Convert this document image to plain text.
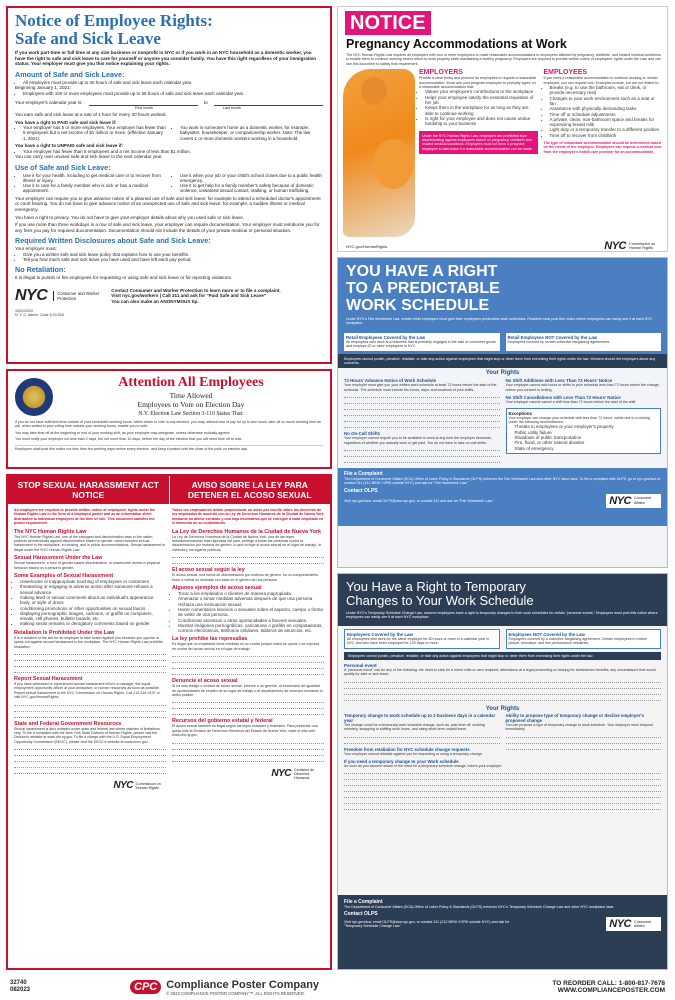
Notice of Employee Rights:
Safe and Sick Leave

If you work part-time or full time at any size business or nonprofit in NYC or if you work in an NYC household as a domestic worker, you have the right to safe and sick leave to care for yourself or anyone you consider family. You have this right regardless of your immigration status. Your employer must give you this notice explaining your rights.

Amount of Safe and Sick Leave:
• All employers must provide up to 40 hours of safe and sick leave each calendar year.

Beginning January 1, 2021:

• Employers with 100 or more employees must provide up to 56 hours of safe and sick leave each calendar year.
Your employer's calendar year is:	to
First month	Last month

You earn safe and sick leave at a rate of 1 hour for every 30 hours worked.

You have a right to PAID safe and sick leave if:

• Your employer has 5 or more employees. Your employer has fewer than 5 employees but a net income of $1 million or more. (effective January 1, 2021)
• You work in someone's home as a domestic worker, for example, babysitter, housekeeper, or companionship worker. Note: The law covers 1 or more domestic workers working in a household.

You have a right to UNPAID safe and sick leave if:

• Your employer has fewer than 5 employees and a net income of less than $1 million.

You can carry over unused safe and sick leave to the next calendar year.

Use of Safe and Sick Leave:
• Use it for your health, including to get medical care or to recover from illness or injury.
• Use it to care for a family member who is sick or has a medical appointment.
• Use it when your job or your child's school closes due to a public health emergency.
• Use it to get help for a family member's safety because of domestic violence, unwanted sexual contact, stalking, or human trafficking.

Your employer can require you to give advance notice of a planned use of safe and sick leave: for example to attend a scheduled doctor's appointment or court hearing. You do not have to give advance notice of an unexpected use of safe and sick leave: for example, a sudden illness or medical emergency.

You have a right to privacy. You do not have to give your employer details about why you used safe or sick leave.

If you use more than three workdays in a row of safe and sick leave, your employer can require documentation. Your employer must reimburse you for any fees you pay for required documentation. Documentation should not include the details of your private medical or personal situation.

Required Written Disclosures about Safe and Sick Leave:

Your employer must:

• Give you a written safe and sick leave policy that explains how to use your benefits.
• Tell you how much safe and sick leave you have used and have left each pay period.
No Retaliation:

It is illegal to punish or fire employees for requesting or using safe and sick leave or for reporting violations.

NYC	Consumer and Worker Protection

Contact Consumer and Worker Protection to learn more or to file a complaint.

Visit nyc.gov/workers | Call 311 and ask for "Paid Safe and Sick Leave"

You can also make an ANONYMOUS tip.

10/21/2020

N. Y. C. Admin. Code § 20-918

NOTICE
Pregnancy Accommodations at Work

The NYC Human Rights Law requires all employers with four or more employees to make reasonable accommodations to employees affected by pregnancy, childbirth, and related medical conditions to enable them to continue working and/or return to work properly while maintaining a healthy pregnancy. Employers are required to provide written notice of employees' rights under the Law, and can use this document to satisfy that requirement.

EMPLOYERS

Provide a clear policy and protocol for employees to request a reasonable accommodation. Work with your pregnant employee to promptly agree on a reasonable accommodation that:

• Values your employee's contributions to the workplace
• Helps your employee satisfy the essential requisites of her job
• Keeps them in the workplace for as long as they are able to continue working
• Is right for your employee and does not cause undue hardship to your business

Under the NYC Human Rights Law, employers are prohibited from discriminating against employees based on pregnancy, childbirth and related medical conditions. Employers must not force a pregnant employee to take leave if a reasonable accommodation can be made.

EMPLOYEES

If you need a reasonable accommodation to continue working or remain employed, you can request one. Examples include, but are not limited to:

• Breaks (e.g. to use the bathroom, eat or drink, or provide necessary rest)
• Changes to your work environment such as a seat or fan
• Assistance with physically demanding tasks
• Time off or schedule adjustments
• A private, clean, non-bathroom space and breaks for expressing breast milk
• Light duty or a temporary transfer to a different position
• Time off to recover from childbirth

The type of reasonable accommodation should be determined based on the needs of the employee. Employers can request a medical note from the employee's health care provider for an accommodation.

NYC.gov/HumanRights	NYC Commission on Human Rights
YOU HAVE A RIGHT
TO A PREDICTABLE
WORK SCHEDULE

Under NYC's Fair Workweek Law, certain retail employers must give their employees predictable work schedules. Retailers must post this notice where employees can easily see it at each NYC workplace.

Retail Employees Covered by the Law

All employees who work at a business that is primarily engaged in the sale of consumer goods and employs 20 or more employees in NYC.

Retail Employees NOT Covered by the Law

Employees covered by certain collective bargaining agreements.

Employers cannot punish, penalize, retaliate, or take any action against employees that might stop or deter them from exercising their rights under the law. Workers should tell employers about any concerns.

Your Rights
72 Hours' Advance Notice of Work Schedule

Your employer must give you your written work schedule at least 72 hours before the start of the schedule. The schedule must include the hours, days, and locations of your shifts.

No On-Call Shifts

Your employer cannot require you to be available to work at any time the employer demands, regardless of whether you actually work or get paid. You do not have to take on-call shifts.

No Shift Additions with Less Than 72 Hours' Notice

Your employer cannot add hours or shifts to your schedule less than 72 hours before the change, unless you consent in writing.

No Shift Cancellations with Less Than 72 Hours' Notice

Your employer cannot cancel a shift less than 72 hours before the start of the shift.

Exceptions

Your employer can change your schedule with less than 72 hours' notice due to a closing under the following circumstances:

• Threats to employees or your employer's property
• Public utility failure
• Shutdown of public transportation
• Fire, flood, or other natural disaster
• State of emergency
File a Complaint

The Department of Consumer Affairs (DCA) Office of Labor Policy & Standards (OLPS) enforces the Fair Workweek Law and other NYC labor laws. To file a complaint with OLPS, go to nyc.gov/dca or contact 311 (212-NEW-YORK outside NYC) and ask for "Fair Workweek Law."

Contact OLPS

Visit nyc.gov/dca, email OLPS@dca.nyc.gov, or contact 311 and ask for "Fair Workweek Law."	NYC Consumer Affairs
Attention All Employees
Time Allowed
Employees to Vote on Election Day
N.Y. Election Law Section 3-110 States That:

If you do not have sufficient time outside of your scheduled working hours, within which to vote in any election, you may, without loss of pay for up to two hours, take off so much working time as will, when added to your voting time outside your working hours, enable you to vote.

You may take time off at the beginning or end of your working shift, as your employer may designate, unless otherwise mutually agreed.

You must notify your employer not less than 2 days, but not more than 10 days, before the day of the election that you will need time off to vote.

Employers shall post this notice not less than ten working days before every election, and keep it posted until the close of the polls on election day.

STOP SEXUAL HARASSMENT ACT NOTICE
AVISO SOBRE LA LEY PARA DETENER EL ACOSO SEXUAL

All employers are required to provide written notice of employees' rights under the Human Rights Law in the form of a displayed poster and as an information sheet distributed to individual employees at the time of hire. This document satisfies the poster requirement.

The NYC Human Rights Law

The NYC Human Rights Law, one of the strongest anti-discrimination laws in the nation, protects all individuals against discrimination based on gender, which includes sexual harassment in the workplace, in housing, and in public accommodations. Sexual harassment is illegal under the NYC Human Rights Law.

Sexual Harassment Under the Law

Sexual harassment, a form of gender-based discrimination, is unwelcome verbal or physical behavior based on a person's gender.

Some Examples of Sexual Harassment
• unwelcome or inappropriate touching of employees or customers
• threatening or engaging in adverse action after someone refuses a sexual advance
• making lewd or sexual comments about an individual's appearance, body, or style of dress
• conditioning promotions or other opportunities on sexual favors
• displaying pornographic images, cartoons, or graffiti on computers, emails, cell phones, bulletin boards, etc.
• making sexist remarks or derogatory comments based on gender
Retaliation Is Prohibited Under the Law

It is a violation of the law for an employer to take action against you because you oppose or speak out against sexual harassment in the workplace. The NYC Human Rights Law prohibits retaliation.

Report Sexual Harassment

If you have witnessed or experienced sexual harassment inform a manager, the equal employment opportunity officer at your workplace, or human resources as soon as possible. Report sexual harassment to the NYC Commission on Human Rights. Call 212-416-0197 or visit NYC.gov/HumanRights.

State and Federal Government Resources

Sexual harassment is also unlawful under state and federal law where statutes of limitations vary. To file a complaint with the New York State Division of Human Rights, please visit the Division's website at www.dhr.ny.gov. To file a charge with the U.S. Equal Employment Opportunity Commission (EEOC), please visit the EEOC's website at www.eeoc.gov.

NYC Commission on Human Rights

Todos los empleadores deben proporcionar un aviso por escrito sobre los derechos de los empleados de acuerdo con la Ley de Derechos Humanos de la Ciudad de Nueva York mediante un afiche exhibido y una hoja informativa que se entregue a cada empleado en el momento de su contratación.

La Ley de Derechos Humanos de la Ciudad de Nueva York

La Ley de Derechos Humanos de la Ciudad de Nueva York, una de las leyes antidiscriminatorias más rigurosas del país, protege a todas las personas contra la discriminación por motivos de género, lo que incluye el acoso sexual en el lugar de trabajo, la vivienda y los lugares públicos.

El acoso sexual según la ley

El acoso sexual, una forma de discriminación por motivos de género, es un comportamiento físico o verbal no deseado con base en el género de una persona.

Algunos ejemplos de acoso sexual
• Tocar a los empleados o clientes de manera inapropiada.
• Amenazar o tomar medidas adversas después de que una persona rechaza una insinuación sexual.
• Hacer comentarios lascivos o sexuales sobre el aspecto, cuerpo o forma de vestir de una persona.
• Condicionar ascensos u otras oportunidades a favores sexuales.
• Mostrar imágenes pornográficas, caricaturas o grafitis en computadoras, correos electrónicos, teléfonos celulares, tableros de anuncios, etc.
La ley prohíbe las represalias

Es ilegal que un empleador tome medidas en su contra porque usted se opone o se expresa en contra del acoso sexual en el lugar de trabajo.

Denuncie el acoso sexual

Si ha sido testigo o víctima de acoso sexual, informe a un gerente, al funcionario de igualdad de oportunidades de empleo de su lugar de trabajo o al departamento de recursos humanos lo antes posible.

Recursos del gobierno estatal y federal

El acoso sexual también es ilegal según las leyes estatales y federales. Para presentar una queja ante la División de Derechos Humanos del Estado de Nueva York, visite el sitio web www.dhr.ny.gov.

NYC Comisión de Derechos Humanos
You Have a Right to Temporary
Changes to Your Work Schedule

Under NYC's Temporary Schedule Change Law, covered employees have a right to temporary changes to their work schedules for certain "personal events." Employers must post this notice where employees can easily see it at each NYC workplace.

Employees Covered by the Law

All employees who work for the same employer for 80 hours or more in a calendar year in NYC and who have been employed for 120 days or more.

Employees NOT Covered by the Law

Employees covered by a collective bargaining agreement. Certain employees in motion picture, television, and live performance industries.

Employers cannot punish, penalize, retaliate, or take any action against employees that might stop or deter them from exercising their rights under the law.

Personal event

A "personal event" can be any of the following: the need to care for a minor child or care recipient; attendance at a legal proceeding or hearing for subsistence benefits; any circumstance that would qualify for safe or sick leave.

Your Rights
Temporary change to work schedule up to 2 business days in a calendar year

The change could be a temporary work schedule change, such as: paid time off, working remotely, swapping or shifting work hours, and using short-term unpaid leave.

Freedom from retaliation for NYC schedule change requests

Your employer cannot retaliate against you for requesting or using a temporary change.

Ability to propose type of temporary change or decline employer's proposed change

You can propose a type of temporary change to work schedule. Your employer must respond immediately.

If you need a temporary change to your Work schedule

As soon as you become aware of the need for a temporary schedule change, inform your employer.

File a Complaint

The Department of Consumer Affairs (DCA) Office of Labor Policy & Standards (OLPS) enforces NYC's Temporary Schedule Change Law and other NYC workplace laws.

Contact OLPS

Visit nyc.gov/dca, email OLPS@dca.nyc.gov, or contact 311 (212-NEW-YORK outside NYC) and ask for "Temporary Schedule Change Law."	NYC Consumer Affairs
32740
082023	CPC Compliance Poster Company
© 2023 COMPLIANCE POSTER COMPANY™. ALL RIGHTS RESERVED.
TO REORDER CALL: 1-800-817-7678
WWW.COMPLIANCEPOSTER.COM
